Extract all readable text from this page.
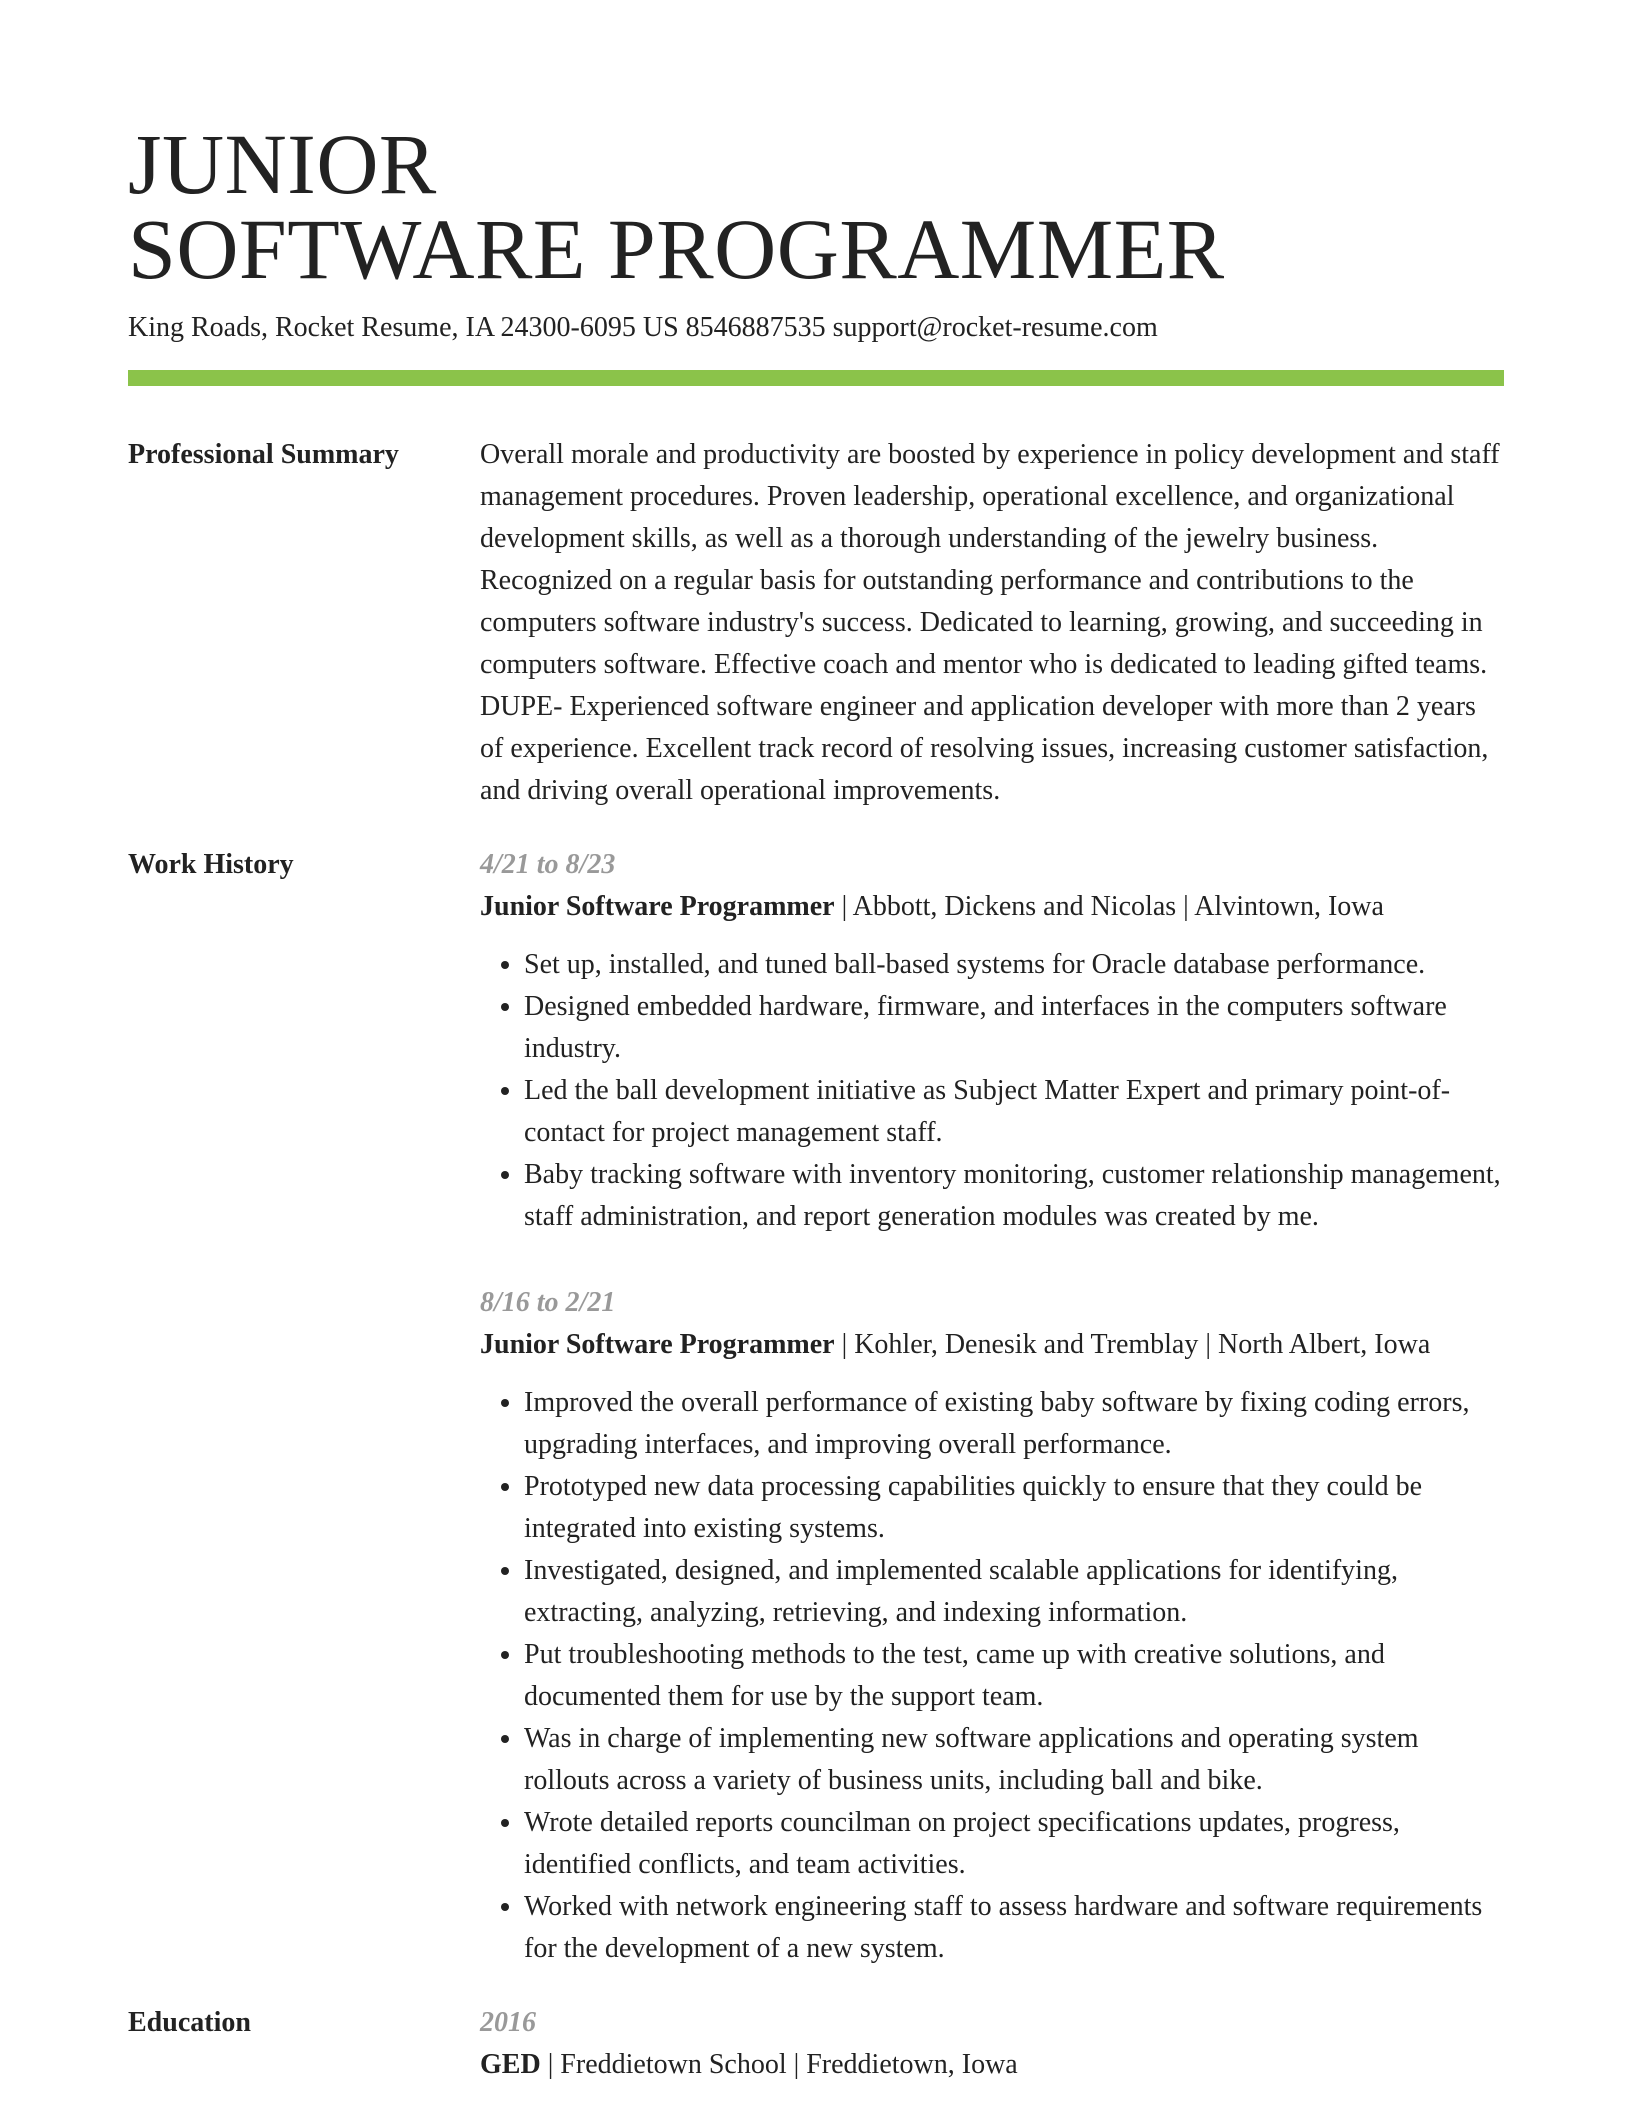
JUNIOR
SOFTWARE PROGRAMMER
King Roads, Rocket Resume, IA 24300-6095 US 8546887535 support@rocket-resume.com
Professional Summary	Overall morale and productivity are boosted by experience in policy development and staff management procedures. Proven leadership, operational excellence, and organizational development skills, as well as a thorough understanding of the jewelry business. Recognized on a regular basis for outstanding performance and contributions to the computers software industry's success. Dedicated to learning, growing, and succeeding in computers software. Effective coach and mentor who is dedicated to leading gifted teams. DUPE- Experienced software engineer and application developer with more than 2 years of experience. Excellent track record of resolving issues, increasing customer satisfaction, and driving overall operational improvements.

Work History	4/21 to 8/23
Junior Software Programmer | Abbott, Dickens and Nicolas | Alvintown, Iowa
• Set up, installed, and tuned ball-based systems for Oracle database performance.
• Designed embedded hardware, firmware, and interfaces in the computers software industry.
• Led the ball development initiative as Subject Matter Expert and primary point-of-contact for project management staff.
• Baby tracking software with inventory monitoring, customer relationship management, staff administration, and report generation modules was created by me.
8/16 to 2/21
Junior Software Programmer | Kohler, Denesik and Tremblay | North Albert, Iowa
• Improved the overall performance of existing baby software by fixing coding errors, upgrading interfaces, and improving overall performance.
• Prototyped new data processing capabilities quickly to ensure that they could be integrated into existing systems.
• Investigated, designed, and implemented scalable applications for identifying, extracting, analyzing, retrieving, and indexing information.
• Put troubleshooting methods to the test, came up with creative solutions, and documented them for use by the support team.
• Was in charge of implementing new software applications and operating system rollouts across a variety of business units, including ball and bike.
• Wrote detailed reports councilman on project specifications updates, progress, identified conflicts, and team activities.
• Worked with network engineering staff to assess hardware and software requirements for the development of a new system.
Education	2016
GED | Freddietown School | Freddietown, Iowa
